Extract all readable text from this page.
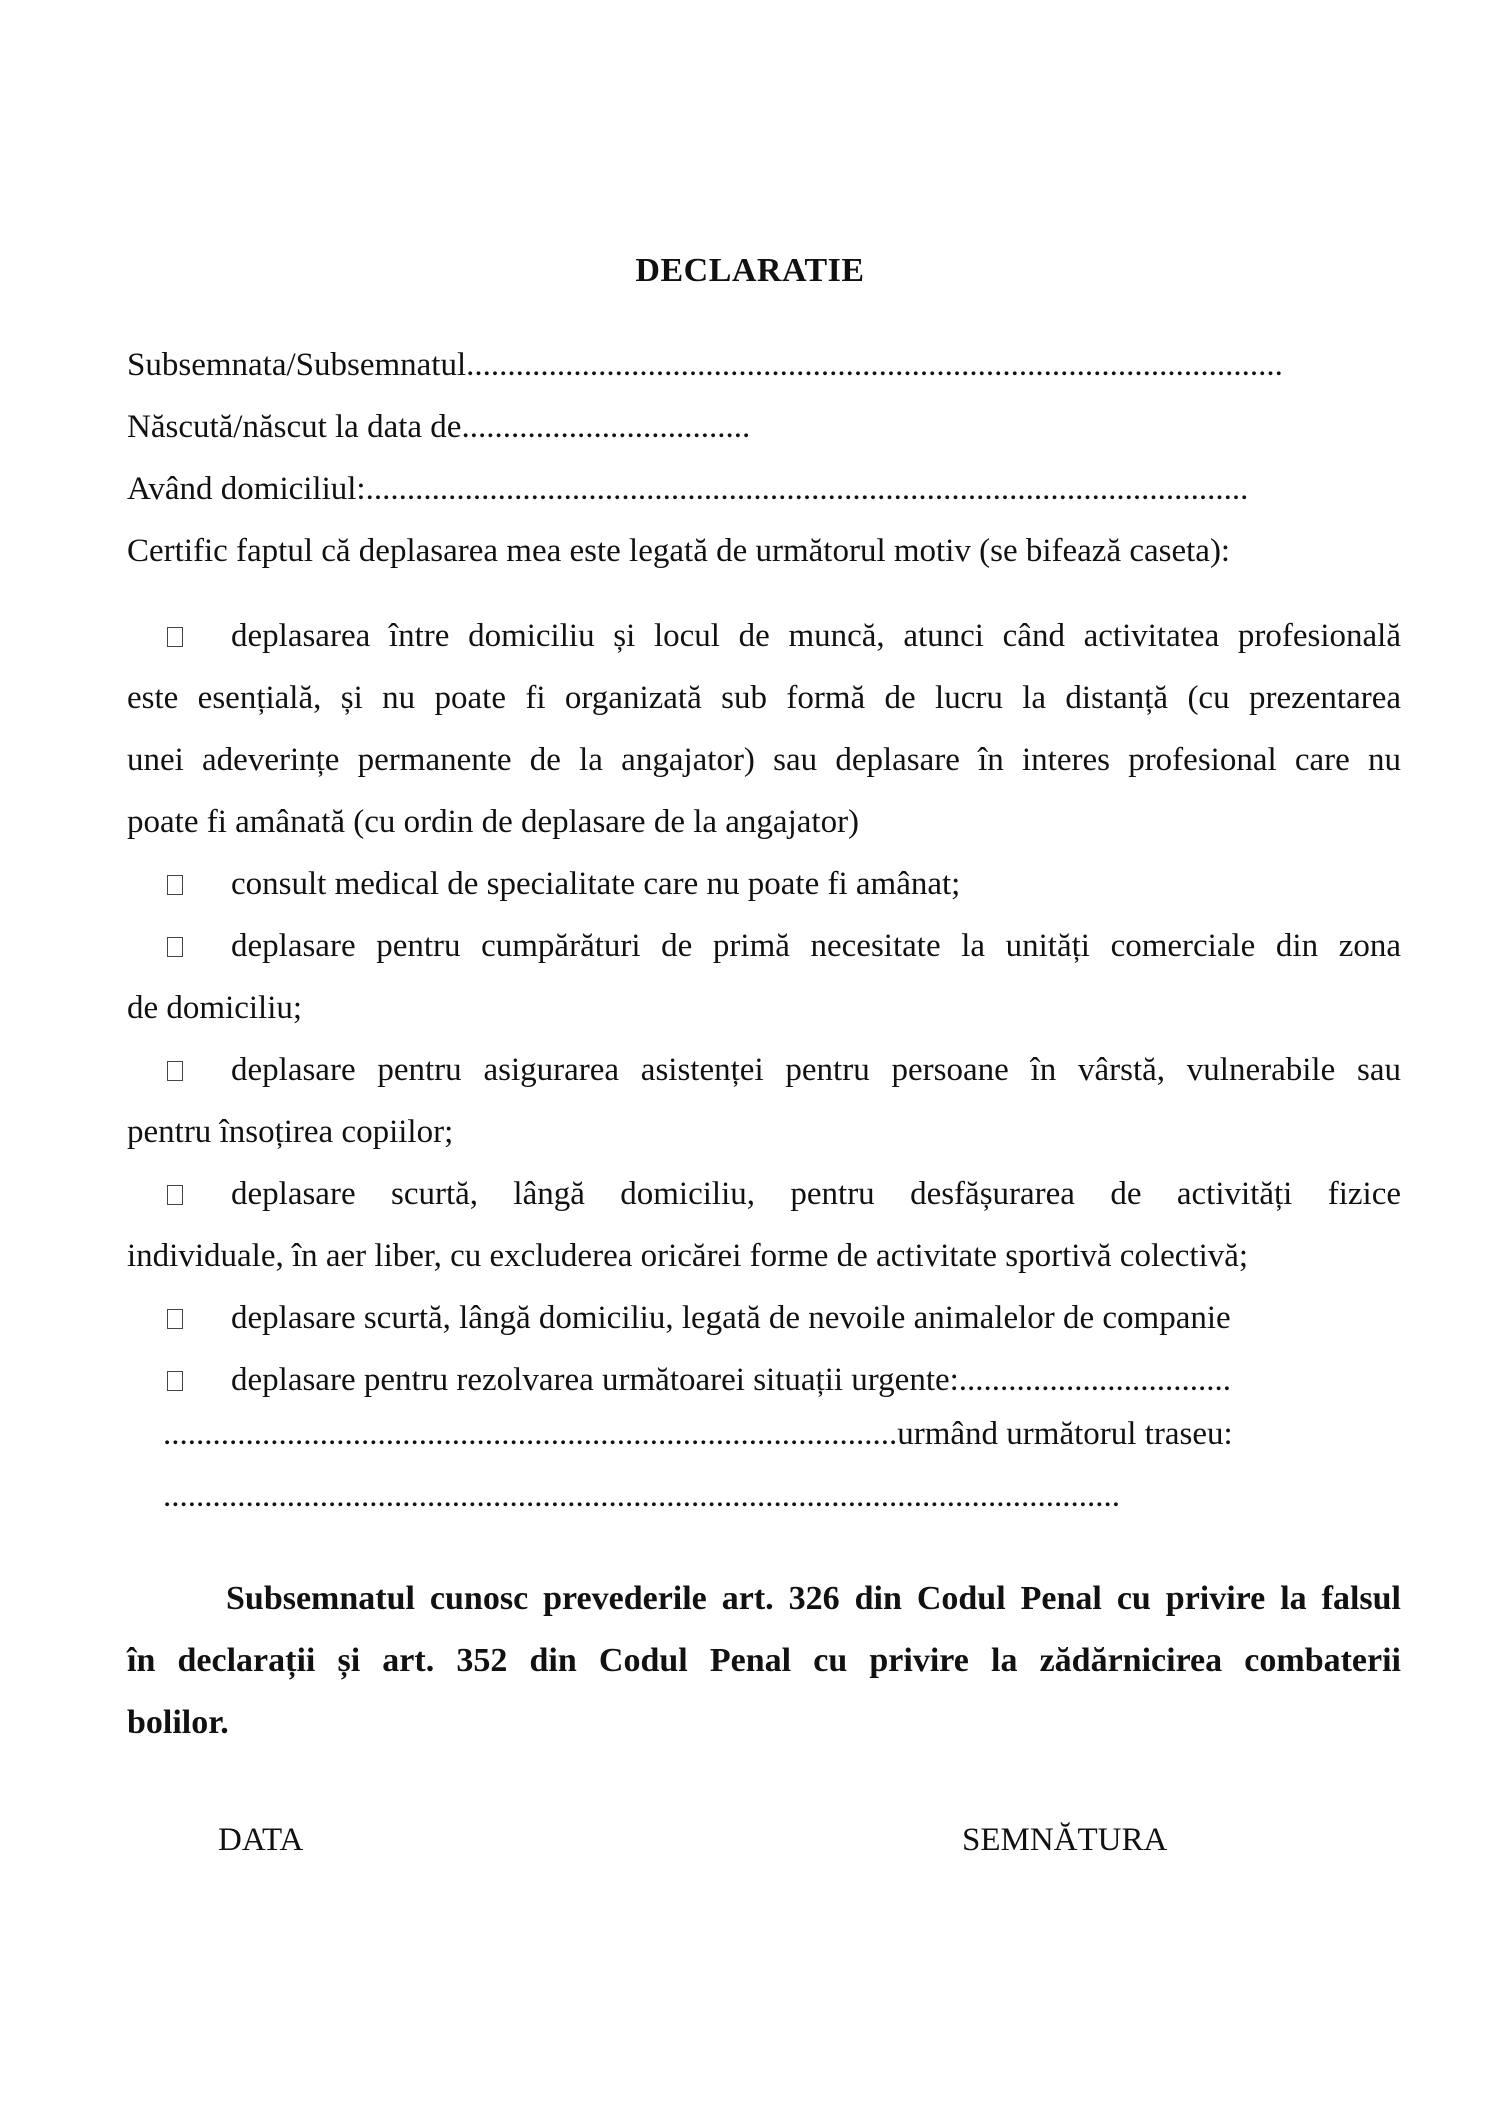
DECLARATIE

Subsemnata/Subsemnatul...................................................................................................

Născută/născut la data de...................................

Având domiciliul:...........................................................................................................

Certific faptul că deplasarea mea este legată de următorul motiv (se bifează caseta):

deplasarea între domiciliu și locul de muncă, atunci când activitatea profesională
este esențială, și nu poate fi organizată sub formă de lucru la distanță (cu prezentarea
unei adeverințe permanente de la angajator) sau deplasare în interes profesional care nu
poate fi amânată (cu ordin de deplasare de la angajator)
consult medical de specialitate care nu poate fi amânat;
deplasare pentru cumpărături de primă necesitate la unități comerciale din zona
de domiciliu;
deplasare pentru asigurarea asistenței pentru persoane în vârstă, vulnerabile sau
pentru însoțirea copiilor;
deplasare scurtă, lângă domiciliu, pentru desfășurarea de activități fizice
individuale, în aer liber, cu excluderea oricărei forme de activitate sportivă colectivă;
deplasare scurtă, lângă domiciliu, legată de nevoile animalelor de companie
deplasare pentru rezolvarea următoarei situații urgente:.................................

.........................................................................................urmând următorul traseu:

....................................................................................................................

Subsemnatul cunosc prevederile art. 326 din Codul Penal cu privire la falsul
în declarații și art. 352 din Codul Penal cu privire la zădărnicirea combaterii
bolilor.

DATA	SEMNĂTURA
